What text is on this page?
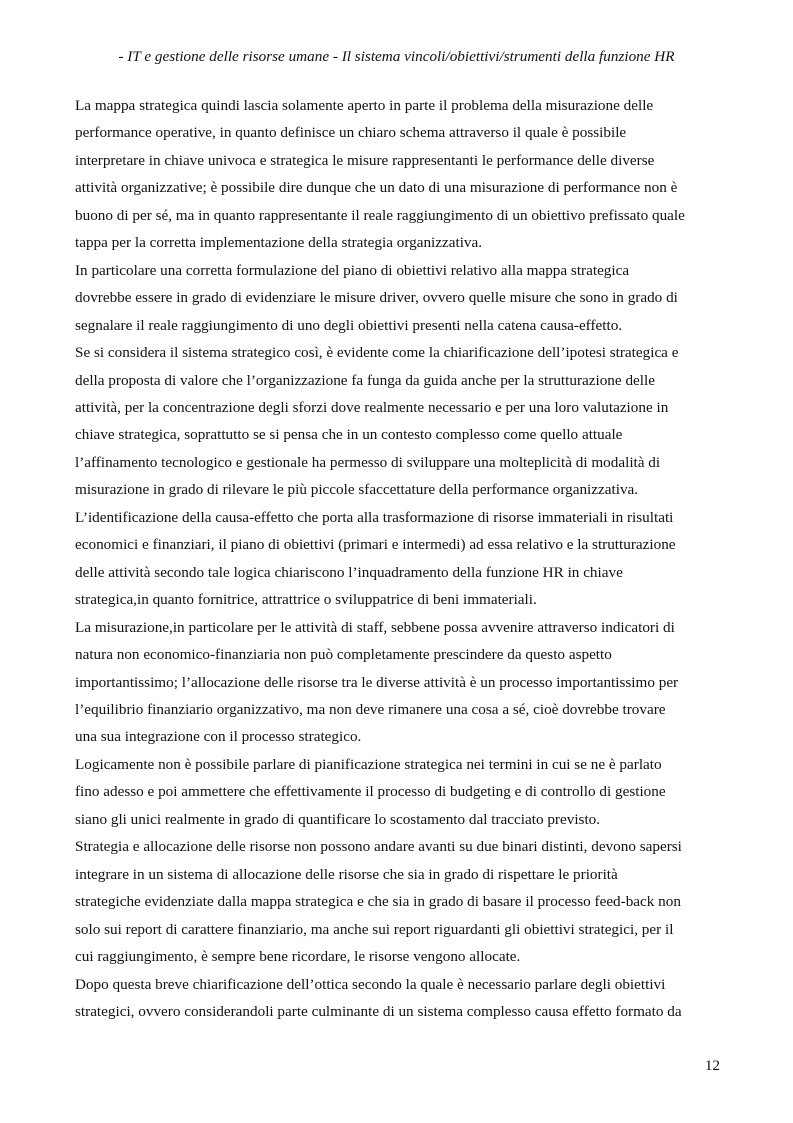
- IT e gestione delle risorse umane - Il sistema vincoli/obiettivi/strumenti della funzione HR

La mappa strategica quindi lascia solamente aperto in parte il problema della misurazione delle
performance operative, in quanto definisce un chiaro schema attraverso il quale è possibile
interpretare in chiave univoca e strategica le misure rappresentanti le performance delle diverse
attività organizzative; è possibile dire dunque che un dato di una misurazione di performance non è
buono di per sé, ma in quanto rappresentante il reale raggiungimento di un obiettivo prefissato quale
tappa per la corretta implementazione della strategia organizzativa.

In particolare una corretta formulazione del piano di obiettivi relativo alla mappa strategica
dovrebbe essere in grado di evidenziare le misure driver, ovvero quelle misure che sono in grado di
segnalare il reale raggiungimento di uno degli obiettivi presenti nella catena causa-effetto.

Se si considera il sistema strategico così, è evidente come la chiarificazione dell’ipotesi strategica e
della proposta di valore che l’organizzazione fa funga da guida anche per la strutturazione delle
attività, per la concentrazione degli sforzi dove realmente necessario e per una loro valutazione in
chiave strategica, soprattutto se si pensa che in un contesto complesso come quello attuale
l’affinamento tecnologico e gestionale ha permesso di sviluppare una molteplicità di modalità di
misurazione in grado di rilevare le più piccole sfaccettature della performance organizzativa.

L’identificazione della causa-effetto che porta alla trasformazione di risorse immateriali in risultati
economici e finanziari, il piano di obiettivi (primari e intermedi) ad essa relativo e la strutturazione
delle attività secondo tale logica chiariscono l’inquadramento della funzione HR in chiave
strategica,in quanto fornitrice, attrattrice o sviluppatrice di beni immateriali.

La misurazione,in particolare per le attività di staff, sebbene possa avvenire attraverso indicatori di
natura non economico-finanziaria non può completamente prescindere da questo aspetto
importantissimo; l’allocazione delle risorse tra le diverse attività è un processo importantissimo per
l’equilibrio finanziario organizzativo, ma non deve rimanere una cosa a sé, cioè dovrebbe trovare
una sua integrazione con il processo strategico.

Logicamente non è possibile parlare di pianificazione strategica nei termini in cui se ne è parlato
fino adesso e poi ammettere che effettivamente il processo di budgeting e di controllo di gestione
siano gli unici realmente in grado di quantificare lo scostamento dal tracciato previsto.

Strategia e allocazione delle risorse non possono andare avanti su due binari distinti, devono sapersi
integrare in un sistema di allocazione delle risorse che sia in grado di rispettare le priorità
strategiche evidenziate dalla mappa strategica e che sia in grado di basare il processo feed-back non
solo sui report di carattere finanziario, ma anche sui report riguardanti gli obiettivi strategici, per il
cui raggiungimento, è sempre bene ricordare, le risorse vengono allocate.

Dopo questa breve chiarificazione dell’ottica secondo la quale è necessario parlare degli obiettivi
strategici, ovvero considerandoli parte culminante di un sistema complesso causa effetto formato da

12
